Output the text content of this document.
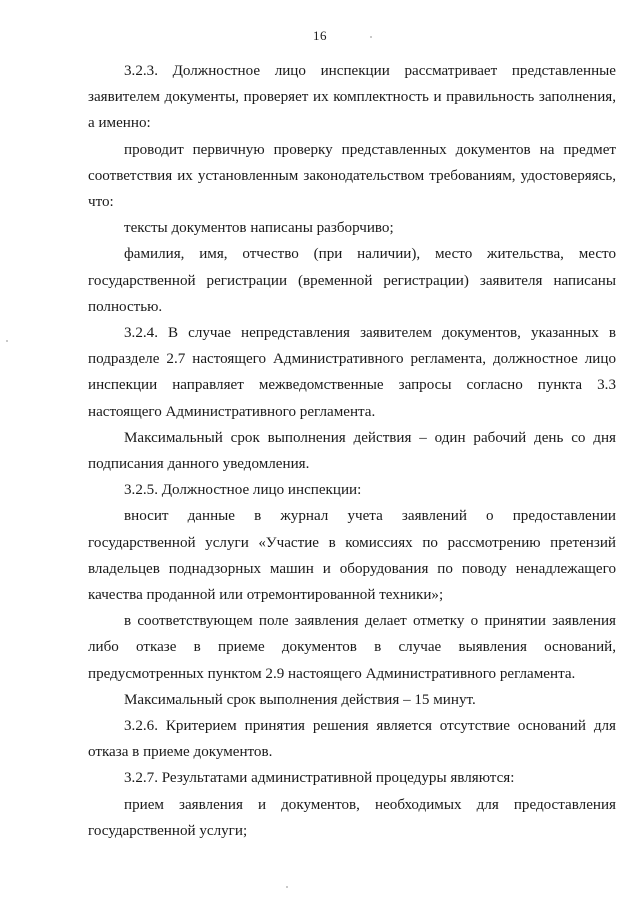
16

3.2.3. Должностное лицо инспекции рассматривает представленные заявителем документы, проверяет их комплектность и правильность заполнения, а именно:

проводит первичную проверку представленных документов на предмет соответствия их установленным законодательством требованиям, удостоверяясь, что:

тексты документов написаны разборчиво;

фамилия, имя, отчество (при наличии), место жительства, место государственной регистрации (временной регистрации) заявителя написаны полностью.

3.2.4. В случае непредставления заявителем документов, указанных в подразделе 2.7 настоящего Административного регламента, должностное лицо инспекции направляет межведомственные запросы согласно пункта 3.3 настоящего Административного регламента.

Максимальный срок выполнения действия – один рабочий день со дня подписания данного уведомления.

3.2.5. Должностное лицо инспекции:

вносит данные в журнал учета заявлений о предоставлении государственной услуги «Участие в комиссиях по рассмотрению претензий владельцев поднадзорных машин и оборудования по поводу ненадлежащего качества проданной или отремонтированной техники»;

в соответствующем поле заявления делает отметку о принятии заявления либо отказе в приеме документов в случае выявления оснований, предусмотренных пунктом 2.9 настоящего Административного регламента.

Максимальный срок выполнения действия – 15 минут.

3.2.6. Критерием принятия решения является отсутствие оснований для отказа в приеме документов.

3.2.7. Результатами административной процедуры являются:

прием заявления и документов, необходимых для предоставления государственной услуги;
